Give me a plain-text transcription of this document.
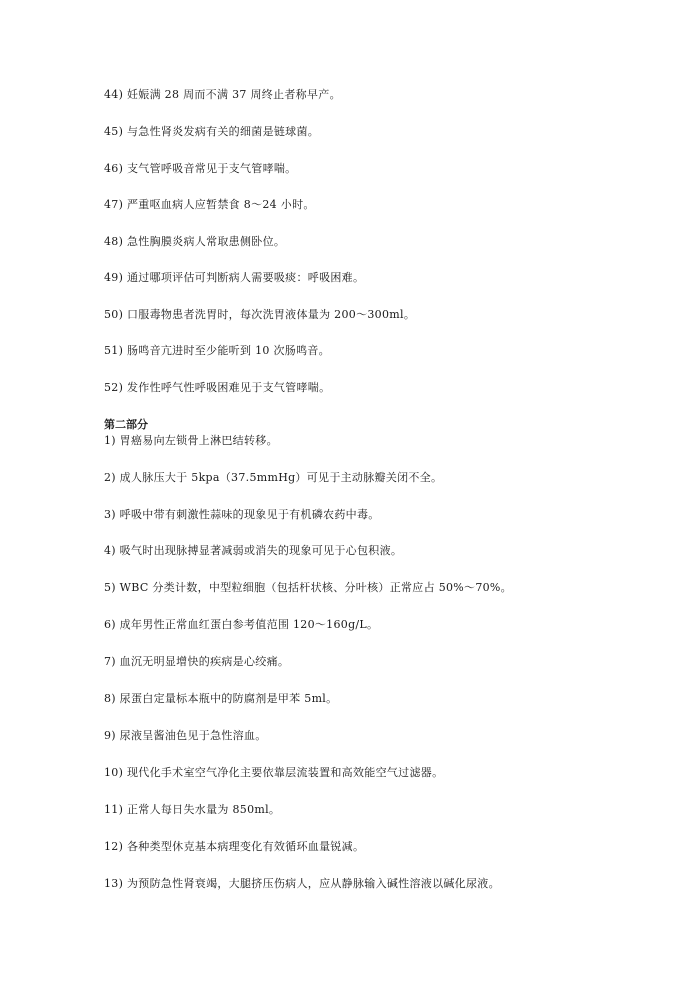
44) 妊娠满 28 周而不满 37 周终止者称早产。
45) 与急性肾炎发病有关的细菌是链球菌。
46) 支气管呼吸音常见于支气管哮喘。
47) 严重呕血病人应暂禁食 8～24 小时。
48) 急性胸膜炎病人常取患侧卧位。
49) 通过哪项评估可判断病人需要吸痰：呼吸困难。
50) 口服毒物患者洗胃时，每次洗胃液体量为 200～300ml。
51) 肠鸣音亢进时至少能听到 10 次肠鸣音。
52) 发作性呼气性呼吸困难见于支气管哮喘。
第二部分
1) 胃癌易向左锁骨上淋巴结转移。
2) 成人脉压大于 5kpa（37.5mmHg）可见于主动脉瓣关闭不全。
3) 呼吸中带有刺激性蒜味的现象见于有机磷农药中毒。
4) 吸气时出现脉搏显著减弱或消失的现象可见于心包积液。
5) WBC 分类计数，中型粒细胞（包括杆状核、分叶核）正常应占 50%～70%。
6) 成年男性正常血红蛋白参考值范围 120～160g/L。
7) 血沉无明显增快的疾病是心绞痛。
8) 尿蛋白定量标本瓶中的防腐剂是甲苯 5ml。
9) 尿液呈酱油色见于急性溶血。
10) 现代化手术室空气净化主要依靠层流装置和高效能空气过滤器。
11) 正常人每日失水量为 850ml。
12) 各种类型休克基本病理变化有效循环血量锐减。
13) 为预防急性肾衰竭，大腿挤压伤病人，应从静脉输入碱性溶液以碱化尿液。
